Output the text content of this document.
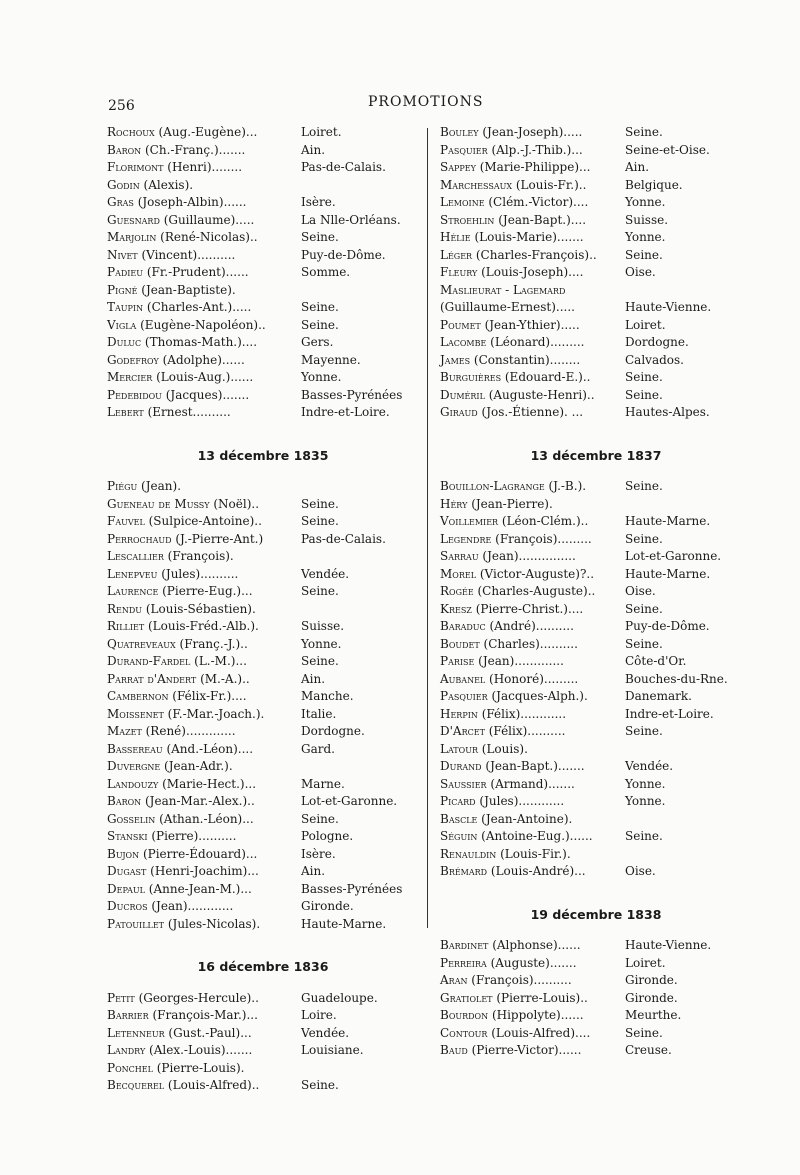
256	PROMOTIONS
Rochoux (Aug.-Eugène)...	Loiret.
Baron (Ch.-Franç.).......	Ain.
Florimont (Henri)........	Pas-de-Calais.
Godin (Alexis).
Gras (Joseph-Albin)......	Isère.
Guesnard (Guillaume).....	La Nlle-Orléans.
Marjolin (René-Nicolas)..	Seine.
Nivet (Vincent)..........	Puy-de-Dôme.
Padieu (Fr.-Prudent)......	Somme.
Pigné (Jean-Baptiste).
Taupin (Charles-Ant.).....	Seine.
Vigla (Eugène-Napoléon)..	Seine.
Duluc (Thomas-Math.)....	Gers.
Godefroy (Adolphe)......	Mayenne.
Mercier (Louis-Aug.)......	Yonne.
Pedebidou (Jacques).......	Basses-Pyrénées
Lebert (Ernest..........	Indre-et-Loire.
13 décembre 1835
Piégu (Jean).
Gueneau de Mussy (Noël)..	Seine.
Fauvel (Sulpice-Antoine)..	Seine.
Perrochaud (J.-Pierre-Ant.)	Pas-de-Calais.
Lescallier (François).
Lenepveu (Jules)..........	Vendée.
Laurence (Pierre-Eug.)...	Seine.
Rendu (Louis-Sébastien).
Rilliet (Louis-Fréd.-Alb.).	Suisse.
Quatreveaux (Franç.-J.)..	Yonne.
Durand-Fardel (L.-M.)...	Seine.
Parrat d'Andert (M.-A.)..	Ain.
Cambernon (Félix-Fr.)....	Manche.
Moissenet (F.-Mar.-Joach.).	Italie.
Mazet (René).............	Dordogne.
Bassereau (And.-Léon)....	Gard.
Duvergne (Jean-Adr.).
Landouzy (Marie-Hect.)...	Marne.
Baron (Jean-Mar.-Alex.)..	Lot-et-Garonne.
Gosselin (Athan.-Léon)...	Seine.
Stanski (Pierre)..........	Pologne.
Bujon (Pierre-Édouard)...	Isère.
Dugast (Henri-Joachim)...	Ain.
Depaul (Anne-Jean-M.)...	Basses-Pyrénées
Ducros (Jean)............	Gironde.
Patouillet (Jules-Nicolas).	Haute-Marne.
16 décembre 1836
Petit (Georges-Hercule)..	Guadeloupe.
Barrier (François-Mar.)...	Loire.
Letenneur (Gust.-Paul)...	Vendée.
Landry (Alex.-Louis).......	Louisiane.
Ponchel (Pierre-Louis).
Becquerel (Louis-Alfred)..	Seine.
Bouley (Jean-Joseph).....	Seine.
Pasquier (Alp.-J.-Thib.)...	Seine-et-Oise.
Sappey (Marie-Philippe)...	Ain.
Marchessaux (Louis-Fr.)..	Belgique.
Lemoine (Clém.-Victor)....	Yonne.
Stroehlin (Jean-Bapt.)....	Suisse.
Hélie (Louis-Marie).......	Yonne.
Léger (Charles-François).. Seine.
Fleury (Louis-Joseph)....	Oise.
Maslieurat - Lagemard
(Guillaume-Ernest).....	Haute-Vienne.
Poumet (Jean-Ythier).....	Loiret.
Lacombe (Léonard).........	Dordogne.
James (Constantin)........	Calvados.
Burguières (Edouard-E.)..	Seine.
Duméril (Auguste-Henri)..	Seine.
Giraud (Jos.-Étienne). ...	Hautes-Alpes.
13 décembre 1837
Bouillon-Lagrange (J.-B.).	Seine.
Héry (Jean-Pierre).
Voillemier (Léon-Clém.)..	Haute-Marne.
Legendre (François).........	Seine.
Sarrau (Jean)...............	Lot-et-Garonne.
Morel (Victor-Auguste)?..	Haute-Marne.
Rogée (Charles-Auguste).. Oise.
Kresz (Pierre-Christ.)....	Seine.
Baraduc (André)..........	Puy-de-Dôme.
Boudet (Charles)..........	Seine.
Parise (Jean).............	Côte-d'Or.
Aubanel (Honoré).........	Bouches-du-Rne.
Pasquier (Jacques-Alph.).	Danemark.
Herpin (Félix)............	Indre-et-Loire.
D'Arcet (Félix)..........	Seine.
Latour (Louis).
Durand (Jean-Bapt.).......	Vendée.
Saussier (Armand).......	Yonne.
Picard (Jules)............	Yonne.
Bascle (Jean-Antoine).
Séguin (Antoine-Eug.)......	Seine.
Renauldin (Louis-Fir.).
Brémard (Louis-André)...	Oise.
19 décembre 1838
Bardinet (Alphonse)......	Haute-Vienne.
Perreira (Auguste).......	Loiret.
Aran (François)..........	Gironde.
Gratiolet (Pierre-Louis)..	Gironde.
Bourdon (Hippolyte)......	Meurthe.
Contour (Louis-Alfred)....	Seine.
Baud (Pierre-Victor)......	Creuse.
